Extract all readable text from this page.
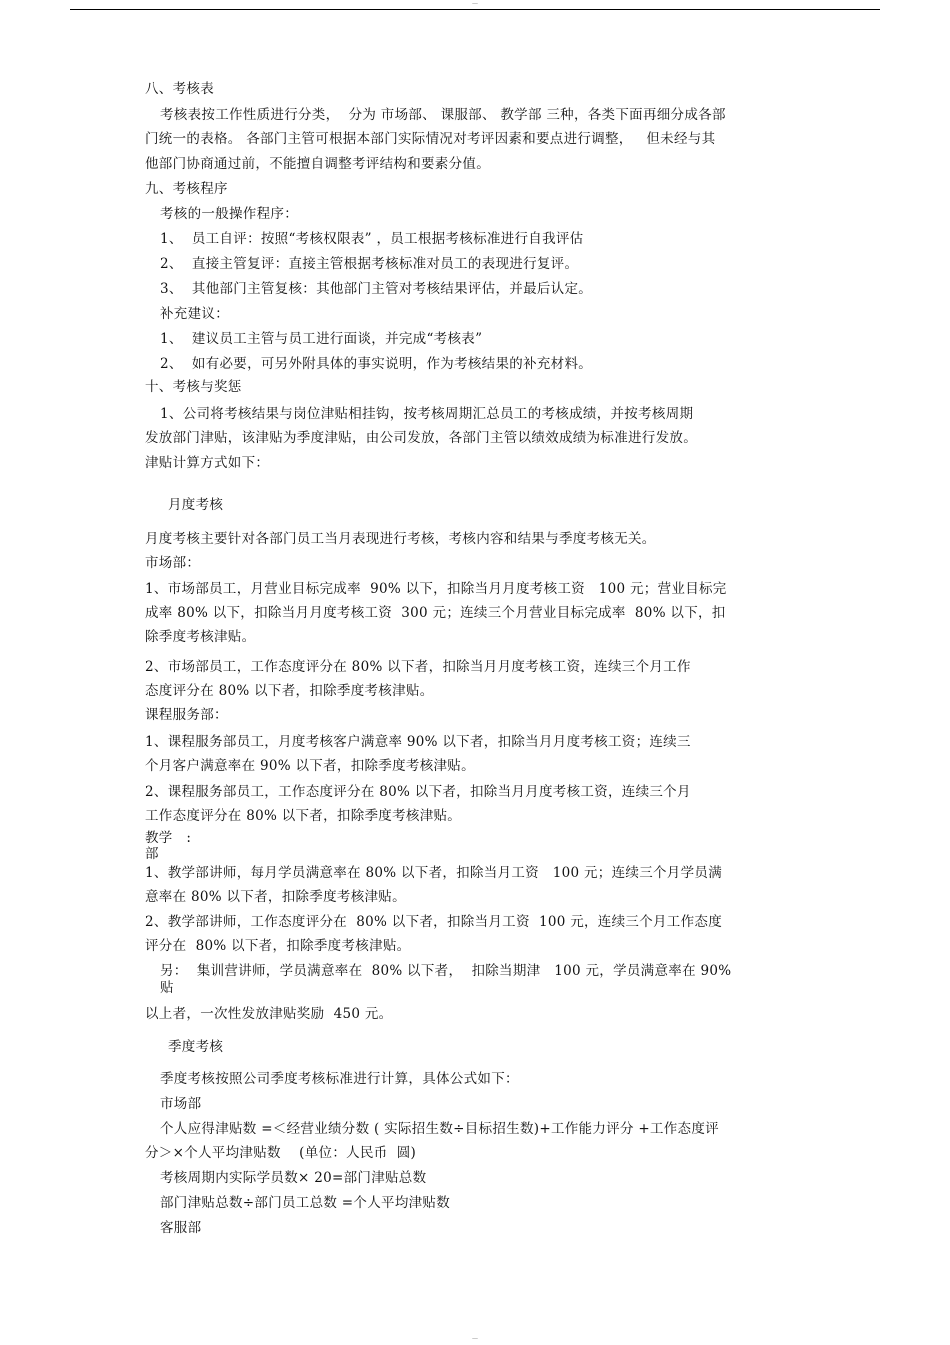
—
八、考核表
考核表按工作性质进行分类，  分为 市场部、 课服部、 教学部 三种，各类下面再细分成各部
门统一的表格。 各部门主管可根据本部门实际情况对考评因素和要点进行调整，   但未经与其
他部门协商通过前，不能擅自调整考评结构和要素分值。
九、考核程序
考核的一般操作程序：
1、  员工自评：按照“考核权限表” ，员工根据考核标准进行自我评估
2、  直接主管复评：直接主管根据考核标准对员工的表现进行复评。
3、  其他部门主管复核：其他部门主管对考核结果评估，并最后认定。
补充建议：
1、  建议员工主管与员工进行面谈，并完成“考核表”
2、  如有必要，可另外附具体的事实说明，作为考核结果的补充材料。
十、考核与奖惩
1、公司将考核结果与岗位津贴相挂钩，按考核周期汇总员工的考核成绩，并按考核周期
发放部门津贴，该津贴为季度津贴，由公司发放，各部门主管以绩效成绩为标准进行发放。
津贴计算方式如下：
月度考核
月度考核主要针对各部门员工当月表现进行考核，考核内容和结果与季度考核无关。
市场部：
1、市场部员工，月营业目标完成率  90% 以下，扣除当月月度考核工资   100 元；营业目标完
成率 80% 以下，扣除当月月度考核工资  300 元；连续三个月营业目标完成率  80% 以下，扣
除季度考核津贴。
2、市场部员工，工作态度评分在 80% 以下者，扣除当月月度考核工资，连续三个月工作
态度评分在 80% 以下者，扣除季度考核津贴。
课程服务部：
1、课程服务部员工，月度考核客户满意率 90% 以下者，扣除当月月度考核工资；连续三
个月客户满意率在 90% 以下者，扣除季度考核津贴。
2、课程服务部员工，工作态度评分在 80% 以下者，扣除当月月度考核工资，连续三个月
工作态度评分在 80% 以下者，扣除季度考核津贴。
教学   :
部
1、教学部讲师，每月学员满意率在 80% 以下者，扣除当月工资   100 元；连续三个月学员满
意率在 80% 以下者，扣除季度考核津贴。
2、教学部讲师，工作态度评分在  80% 以下者，扣除当月工资  100 元，连续三个月工作态度
评分在  80% 以下者，扣除季度考核津贴。
另：  集训营讲师，学员满意率在  80% 以下者，  扣除当期津   100 元，学员满意率在 90%
贴
以上者，一次性发放津贴奖励  450 元。
季度考核
季度考核按照公司季度考核标准进行计算，具体公式如下：
市场部
个人应得津贴数 =＜经营业绩分数 ( 实际招生数÷目标招生数)+工作能力评分 +工作态度评
分＞×个人平均津贴数    (单位：人民币  圆)
考核周期内实际学员数× 20=部门津贴总数
部门津贴总数÷部门员工总数 =个人平均津贴数
客服部
—
